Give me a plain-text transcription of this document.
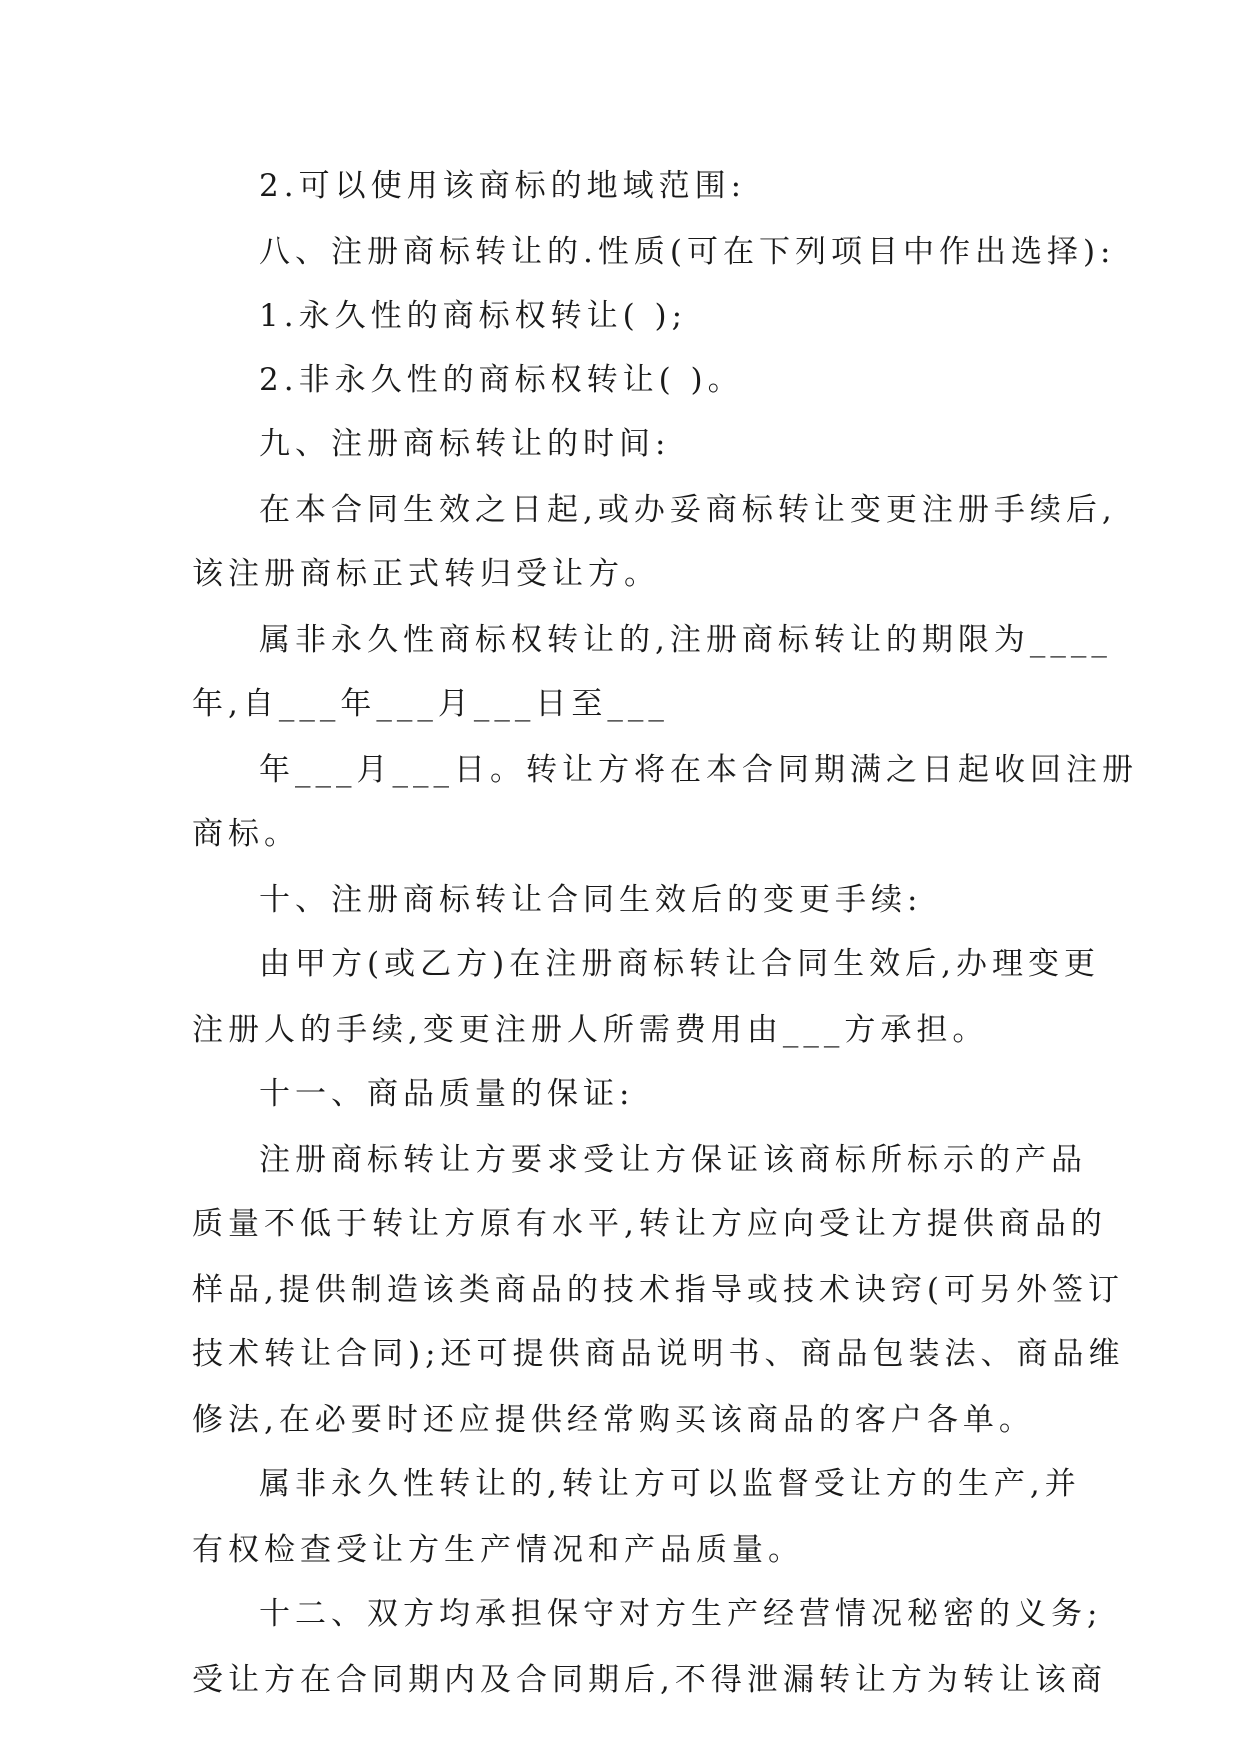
2.可以使用该商标的地域范围:
八、注册商标转让的.性质(可在下列项目中作出选择):
1.永久性的商标权转让( );
2.非永久性的商标权转让( )。
九、注册商标转让的时间:
在本合同生效之日起,或办妥商标转让变更注册手续后,
该注册商标正式转归受让方。
属非永久性商标权转让的,注册商标转让的期限为____
年,自___年___月___日至___
年___月___日。转让方将在本合同期满之日起收回注册
商标。
十、注册商标转让合同生效后的变更手续:
由甲方(或乙方)在注册商标转让合同生效后,办理变更
注册人的手续,变更注册人所需费用由___方承担。
十一、商品质量的保证:
注册商标转让方要求受让方保证该商标所标示的产品
质量不低于转让方原有水平,转让方应向受让方提供商品的
样品,提供制造该类商品的技术指导或技术诀窍(可另外签订
技术转让合同);还可提供商品说明书、商品包装法、商品维
修法,在必要时还应提供经常购买该商品的客户各单。
属非永久性转让的,转让方可以监督受让方的生产,并
有权检查受让方生产情况和产品质量。
十二、双方均承担保守对方生产经营情况秘密的义务;
受让方在合同期内及合同期后,不得泄漏转让方为转让该商
